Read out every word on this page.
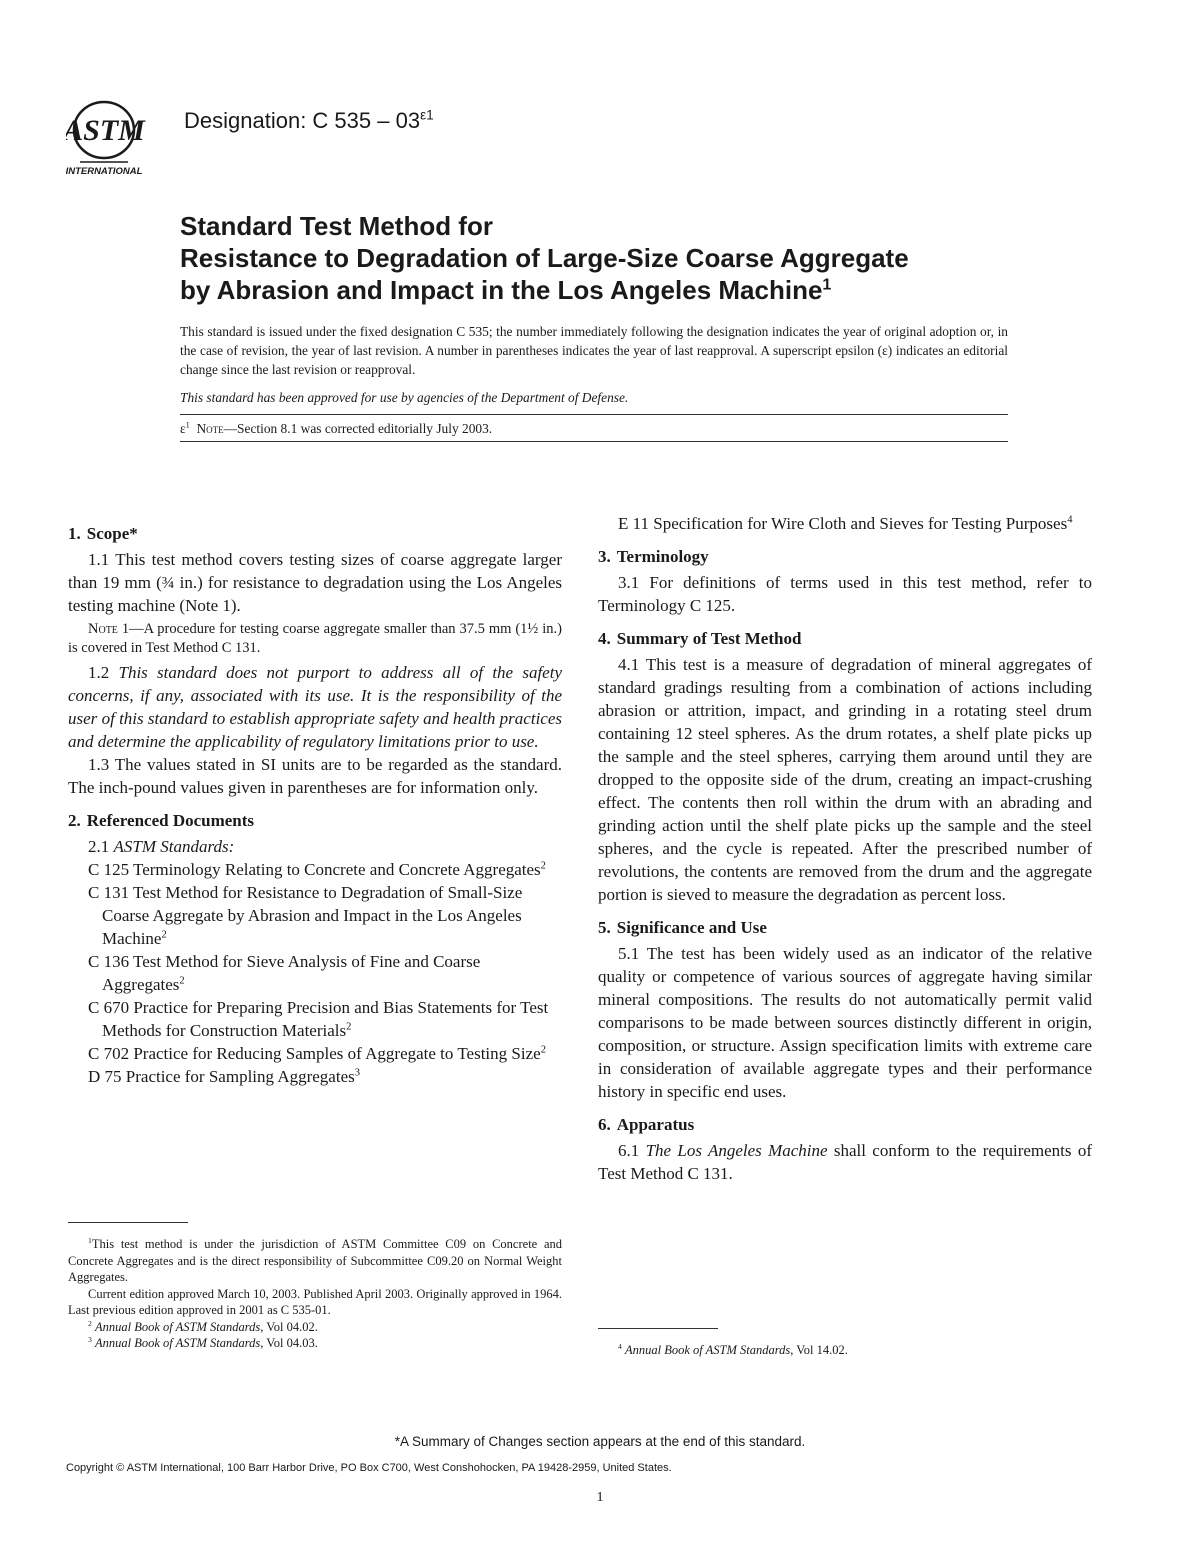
ASTM
INTERNATIONAL
Designation: C $535 - 03^{\varepsilon 1}$
Standard Test Method for
Resistance to Degradation of Large-Size Coarse Aggregate
by Abrasion and Impact in the Los Angeles Machine$^1$
This standard is issued under the fixed designation C 535; the number immediately following the designation indicates the year of original adoption or, in the case of revision, the year of last revision. A number in parentheses indicates the year of last reapproval. A superscript epsilon (ε) indicates an editorial change since the last revision or reapproval.
This standard has been approved for use by agencies of the Department of Defense.
$\varepsilon^1$ Note—Section 8.1 was corrected editorially July 2003.

1. Scope*

1.1 This test method covers testing sizes of coarse aggregate larger than 19 mm (¾ in.) for resistance to degradation using the Los Angeles testing machine (Note 1).

Note 1—A procedure for testing coarse aggregate smaller than 37.5 mm (1½ in.) is covered in Test Method C 131.

1.2 This standard does not purport to address all of the safety concerns, if any, associated with its use. It is the responsibility of the user of this standard to establish appropriate safety and health practices and determine the applicability of regulatory limitations prior to use.

1.3 The values stated in SI units are to be regarded as the standard. The inch-pound values given in parentheses are for information only.

2. Referenced Documents

2.1 ASTM Standards:

C 125 Terminology Relating to Concrete and Concrete Aggregates$^2$

C 131 Test Method for Resistance to Degradation of Small-Size Coarse Aggregate by Abrasion and Impact in the Los Angeles Machine$^2$

C 136 Test Method for Sieve Analysis of Fine and Coarse Aggregates$^2$

C 670 Practice for Preparing Precision and Bias Statements for Test Methods for Construction Materials$^2$

C 702 Practice for Reducing Samples of Aggregate to Testing Size$^2$

D 75 Practice for Sampling Aggregates$^3$

$^1$This test method is under the jurisdiction of ASTM Committee C09 on Concrete and Concrete Aggregates and is the direct responsibility of Subcommittee C09.20 on Normal Weight Aggregates.

Current edition approved March 10, 2003. Published April 2003. Originally approved in 1964. Last previous edition approved in 2001 as C 535-01.

$^2$ Annual Book of ASTM Standards, Vol 04.02.

$^3$ Annual Book of ASTM Standards, Vol 04.03.

E 11 Specification for Wire Cloth and Sieves for Testing Purposes$^4$

3. Terminology

3.1 For definitions of terms used in this test method, refer to Terminology C 125.

4. Summary of Test Method

4.1 This test is a measure of degradation of mineral aggregates of standard gradings resulting from a combination of actions including abrasion or attrition, impact, and grinding in a rotating steel drum containing 12 steel spheres. As the drum rotates, a shelf plate picks up the sample and the steel spheres, carrying them around until they are dropped to the opposite side of the drum, creating an impact-crushing effect. The contents then roll within the drum with an abrading and grinding action until the shelf plate picks up the sample and the steel spheres, and the cycle is repeated. After the prescribed number of revolutions, the contents are removed from the drum and the aggregate portion is sieved to measure the degradation as percent loss.

5. Significance and Use

5.1 The test has been widely used as an indicator of the relative quality or competence of various sources of aggregate having similar mineral compositions. The results do not automatically permit valid comparisons to be made between sources distinctly different in origin, composition, or structure. Assign specification limits with extreme care in consideration of available aggregate types and their performance history in specific end uses.

6. Apparatus

6.1 The Los Angeles Machine shall conform to the requirements of Test Method C 131.

$^4$ Annual Book of ASTM Standards, Vol 14.02.

*A Summary of Changes section appears at the end of this standard.
Copyright © ASTM International, 100 Barr Harbor Drive, PO Box C700, West Conshohocken, PA 19428-2959, United States.
1
